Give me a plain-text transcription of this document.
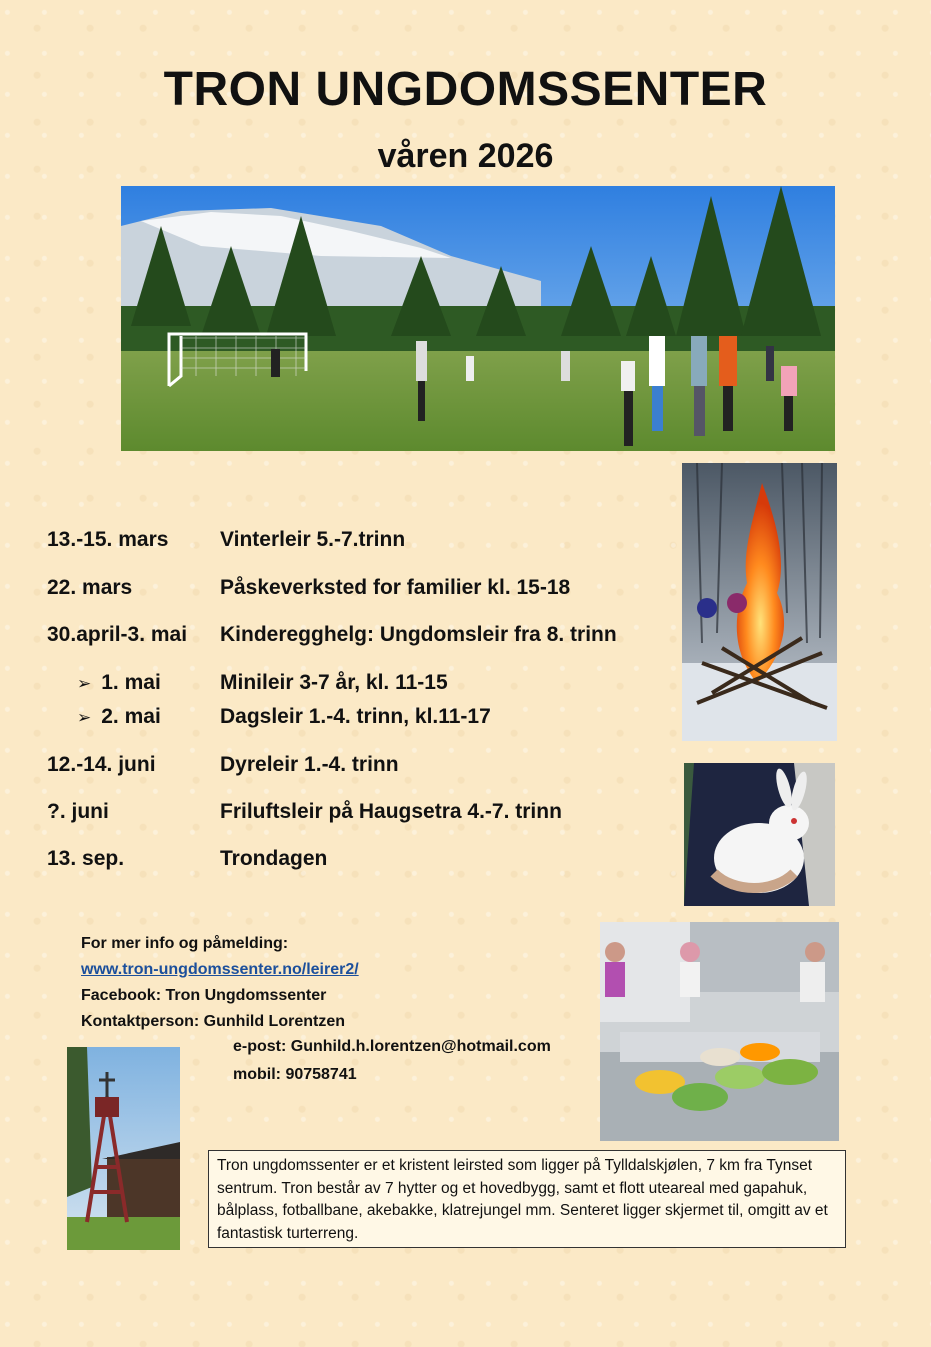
TRON UNGDOMSSENTER
våren 2026
13.-15. mars Vinterleir 5.-7.trinn
22. mars	Påskeverksted for familier kl. 15-18
30.april-3. mai Kinderegghelg: Ungdomsleir fra 8. trinn
➢ 1. mai	Minileir 3-7 år, kl. 11-15
➢ 2. mai	Dagsleir 1.-4. trinn, kl.11-17
12.-14. juni	Dyreleir 1.-4. trinn
?. juni	Friluftsleir på Haugsetra 4.-7. trinn
13. sep.	Trondagen
For mer info og påmelding:
www.tron-ungdomssenter.no/leirer2/
Facebook: Tron Ungdomssenter
Kontaktperson: Gunhild Lorentzen
e-post: Gunhild.h.lorentzen@hotmail.com
mobil: 90758741
Tron ungdomssenter er et kristent leirsted som ligger på Tylldalskjølen, 7 km fra Tynset sentrum. Tron består av 7 hytter og et hovedbygg, samt et flott uteareal med gapahuk, bålplass, fotballbane, akebakke, klatrejungel mm. Senteret ligger skjermet til, omgitt av et fantastisk turterreng.
